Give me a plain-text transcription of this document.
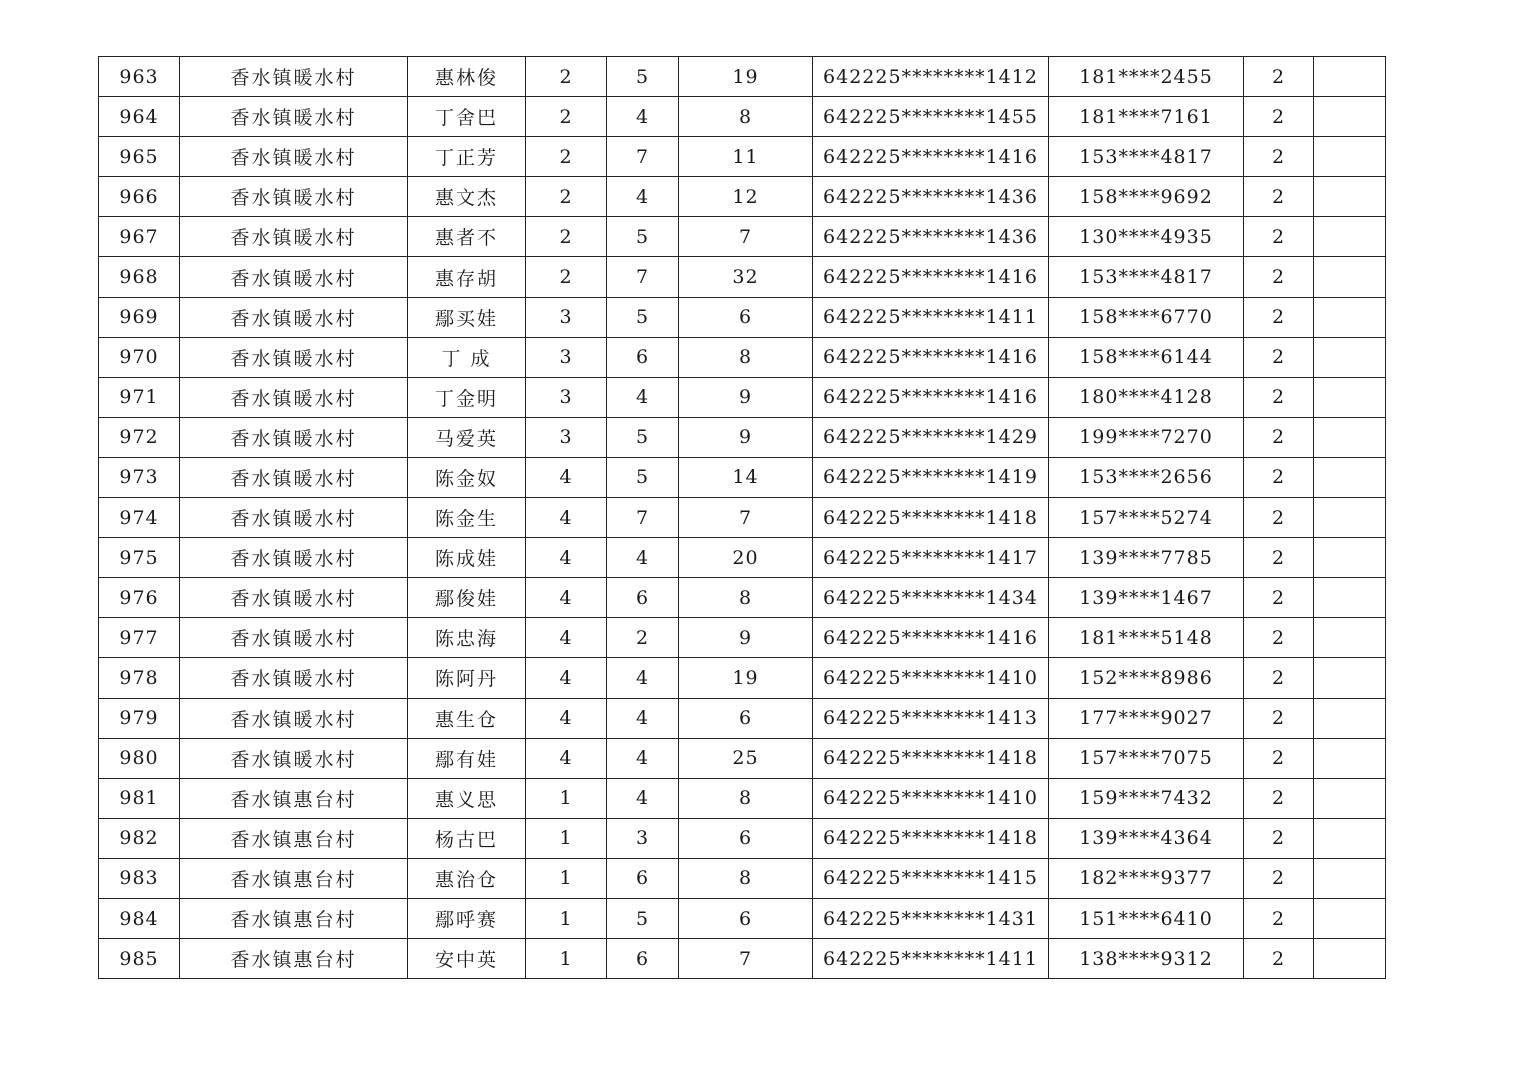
963	香水镇暖水村	惠林俊	2	5	19	642225********1412	181****2455	2	
964	香水镇暖水村	丁舍巴	2	4	8	642225********1455	181****7161	2	
965	香水镇暖水村	丁正芳	2	7	11	642225********1416	153****4817	2	
966	香水镇暖水村	惠文杰	2	4	12	642225********1436	158****9692	2	
967	香水镇暖水村	惠者不	2	5	7	642225********1436	130****4935	2	
968	香水镇暖水村	惠存胡	2	7	32	642225********1416	153****4817	2	
969	香水镇暖水村	鄢买娃	3	5	6	642225********1411	158****6770	2	
970	香水镇暖水村	丁 成	3	6	8	642225********1416	158****6144	2	
971	香水镇暖水村	丁金明	3	4	9	642225********1416	180****4128	2	
972	香水镇暖水村	马爱英	3	5	9	642225********1429	199****7270	2	
973	香水镇暖水村	陈金奴	4	5	14	642225********1419	153****2656	2	
974	香水镇暖水村	陈金生	4	7	7	642225********1418	157****5274	2	
975	香水镇暖水村	陈成娃	4	4	20	642225********1417	139****7785	2	
976	香水镇暖水村	鄢俊娃	4	6	8	642225********1434	139****1467	2	
977	香水镇暖水村	陈忠海	4	2	9	642225********1416	181****5148	2	
978	香水镇暖水村	陈阿丹	4	4	19	642225********1410	152****8986	2	
979	香水镇暖水村	惠生仓	4	4	6	642225********1413	177****9027	2	
980	香水镇暖水村	鄢有娃	4	4	25	642225********1418	157****7075	2	
981	香水镇惠台村	惠义思	1	4	8	642225********1410	159****7432	2	
982	香水镇惠台村	杨古巴	1	3	6	642225********1418	139****4364	2	
983	香水镇惠台村	惠治仓	1	6	8	642225********1415	182****9377	2	
984	香水镇惠台村	鄢呼赛	1	5	6	642225********1431	151****6410	2	
985	香水镇惠台村	安中英	1	6	7	642225********1411	138****9312	2	
